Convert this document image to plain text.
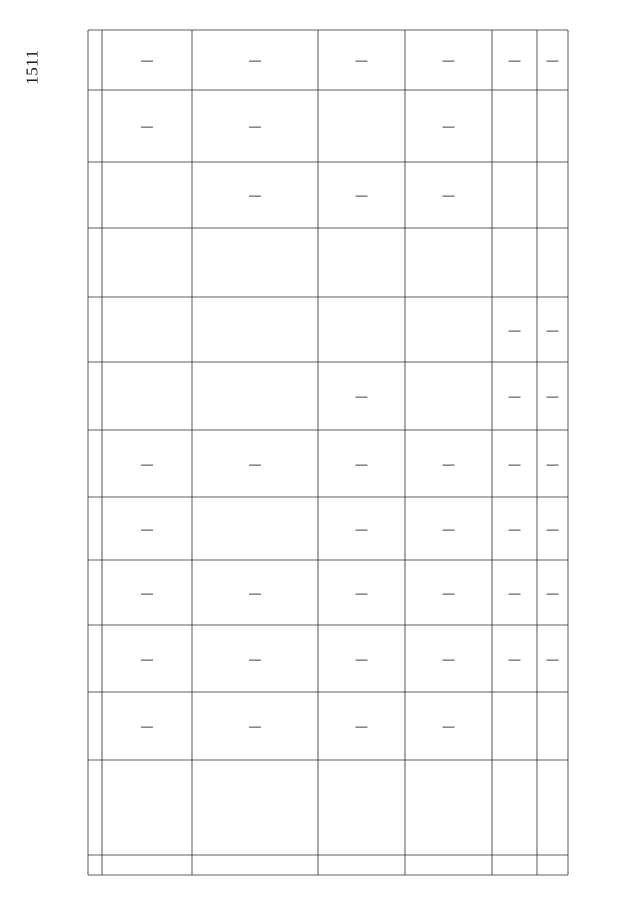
1511
—
—
—
—
—
—
—
—
—
—
—
—
—
—
—
—
—
—
—
—
—
—
—
—
—
—
—
—
—
—
—
—
—
—
—
—
—
—
—
—
—
—
—
—
